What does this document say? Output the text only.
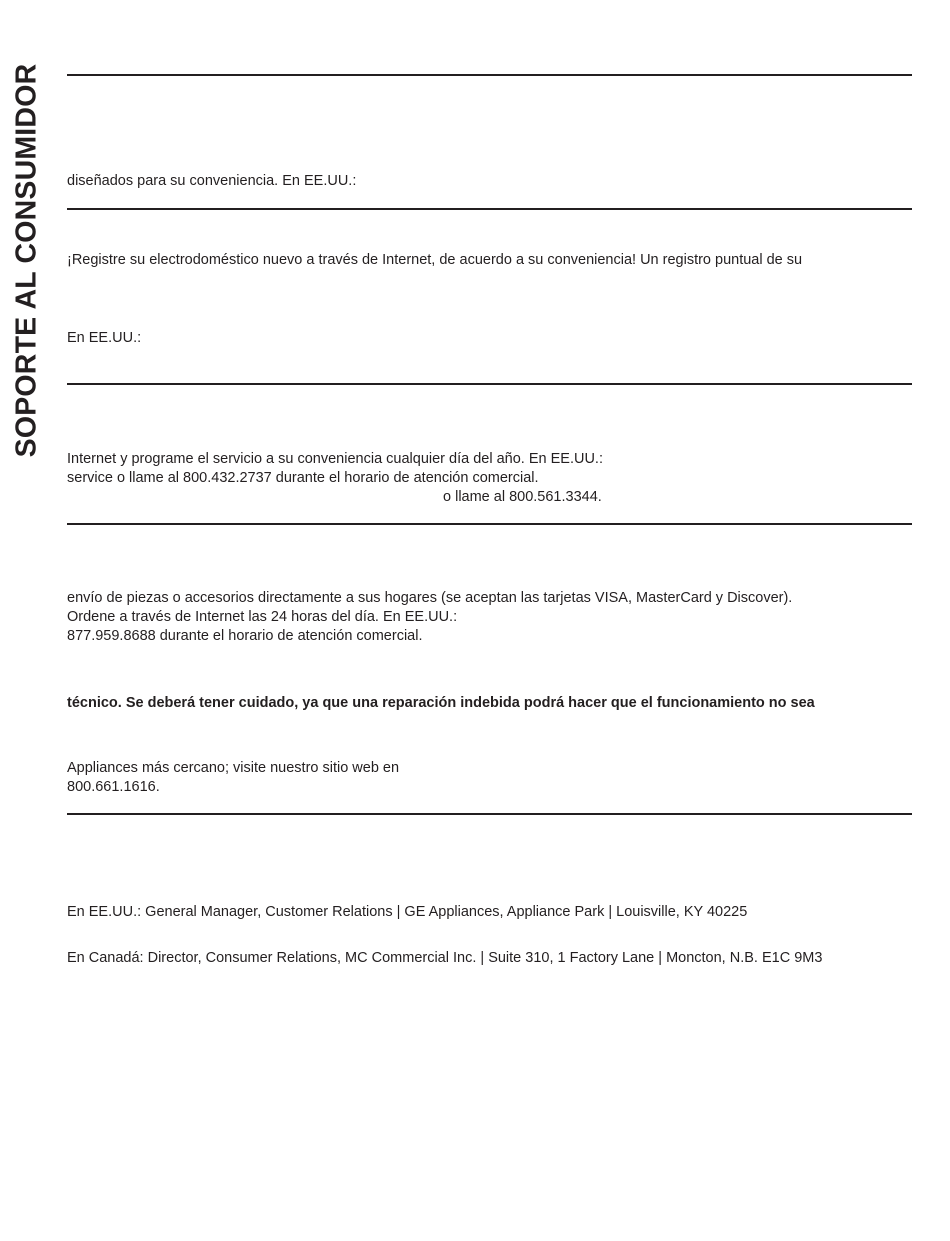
SOPORTE AL CONSUMIDOR diseñados para su conveniencia. En EE.UU.:
¡Registre su electrodoméstico nuevo a través de Internet, de acuerdo a su conveniencia! Un registro puntual de su
En EE.UU.:
Internet y programe el servicio a su conveniencia cualquier día del año. En EE.UU.:
service o llame al 800.432.2737 durante el horario de atención comercial.
o llame al 800.561.3344.
envío de piezas o accesorios directamente a sus hogares (se aceptan las tarjetas VISA, MasterCard y Discover).
Ordene a través de Internet las 24 horas del día. En EE.UU.:
877.959.8688 durante el horario de atención comercial.
técnico. Se deberá tener cuidado, ya que una reparación indebida podrá hacer que el funcionamiento no sea
Appliances más cercano; visite nuestro sitio web en
800.661.1616.
En EE.UU.: General Manager, Customer Relations | GE Appliances, Appliance Park | Louisville, KY 40225
En Canadá: Director, Consumer Relations, MC Commercial Inc. | Suite 310, 1 Factory Lane | Moncton, N.B. E1C 9M3
